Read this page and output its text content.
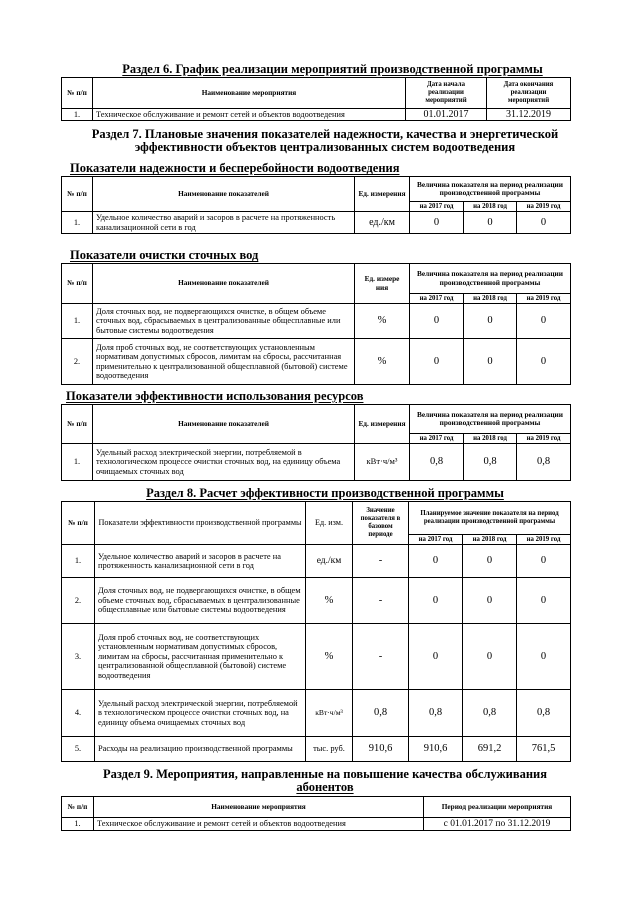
Раздел 6. График реализации мероприятий производственной программы
№ п/п	Наименование мероприятия	Дата начала реализации мероприятий	Дата окончания реализации мероприятий
1.	Техническое обслуживание и ремонт сетей и объектов водоотведения	01.01.2017	31.12.2019
Раздел 7. Плановые значения показателей надежности, качества и энергетической
эффективности объектов централизованных систем водоотведения
Показатели надежности и бесперебойности водоотведения
№ п/п	Наименование показателей	Ед. измерения	Величина показателя на период реализации производственной программы		
			на 2017 год	на 2018 год	на 2019 год
1.	Удельное количество аварий и засоров в расчете на протяженность канализационной сети в год	ед./км	0	0	0
Показатели очистки сточных вод
№ п/п	Наименование показателей	Ед. измере ния	Величина показателя на период реализации производственной программы		
			на 2017 год	на 2018 год	на 2019 год
1.	Доля сточных вод, не подвергающихся очистке, в общем объеме сточных вод, сбрасываемых в централизованные общесплавные или бытовые системы водоотведения	%	0	0	0
2.	Доля проб сточных вод, не соответствующих установленным нормативам допустимых сбросов, лимитам на сбросы, рассчитанная применительно к централизованной общесплавной (бытовой) системе водоотведения	%	0	0	0
Показатели эффективности использования ресурсов
№ п/п	Наименование показателей	Ед. измерения	Величина показателя на период реализации производственной программы		
			на 2017 год	на 2018 год	на 2019 год
1.	Удельный расход электрической энергии, потребляемой в технологическом процессе очистки сточных вод, на единицу объема очищаемых сточных вод	кВт·ч/м³	0,8	0,8	0,8
Раздел 8. Расчет эффективности производственной программы
№ п/п	Показатели эффективности производственной программы	Ед. изм.	Значение показателя в базовом периоде	Планируемое значение показателя на период реализации производственной программы		
				на 2017 год	на 2018 год	на 2019 год
1.	Удельное количество аварий и засоров в расчете на протяженность канализационной сети в год	ед./км	-	0	0	0
2.	Доля сточных вод, не подвергающихся очистке, в общем объеме сточных вод, сбрасываемых в централизованные общесплавные или бытовые системы водоотведения	%	-	0	0	0
3.	Доля проб сточных вод, не соответствующих установленным нормативам допустимых сбросов, лимитам на сбросы, рассчитанная применительно к централизованной общесплавной (бытовой) системе водоотведения	%	-	0	0	0
4.	Удельный расход электрической энергии, потребляемой в технологическом процессе очистки сточных вод, на единицу объема очищаемых сточных вод	кВт·ч/м³	0,8	0,8	0,8	0,8
5.	Расходы на реализацию производственной программы	тыс. руб.	910,6	910,6	691,2	761,5
Раздел 9. Мероприятия, направленные на повышение качества обслуживания
абонентов
№ п/п	Наименование мероприятия	Период реализации мероприятия
1.	Техническое обслуживание и ремонт сетей и объектов водоотведения	с 01.01.2017 по 31.12.2019
